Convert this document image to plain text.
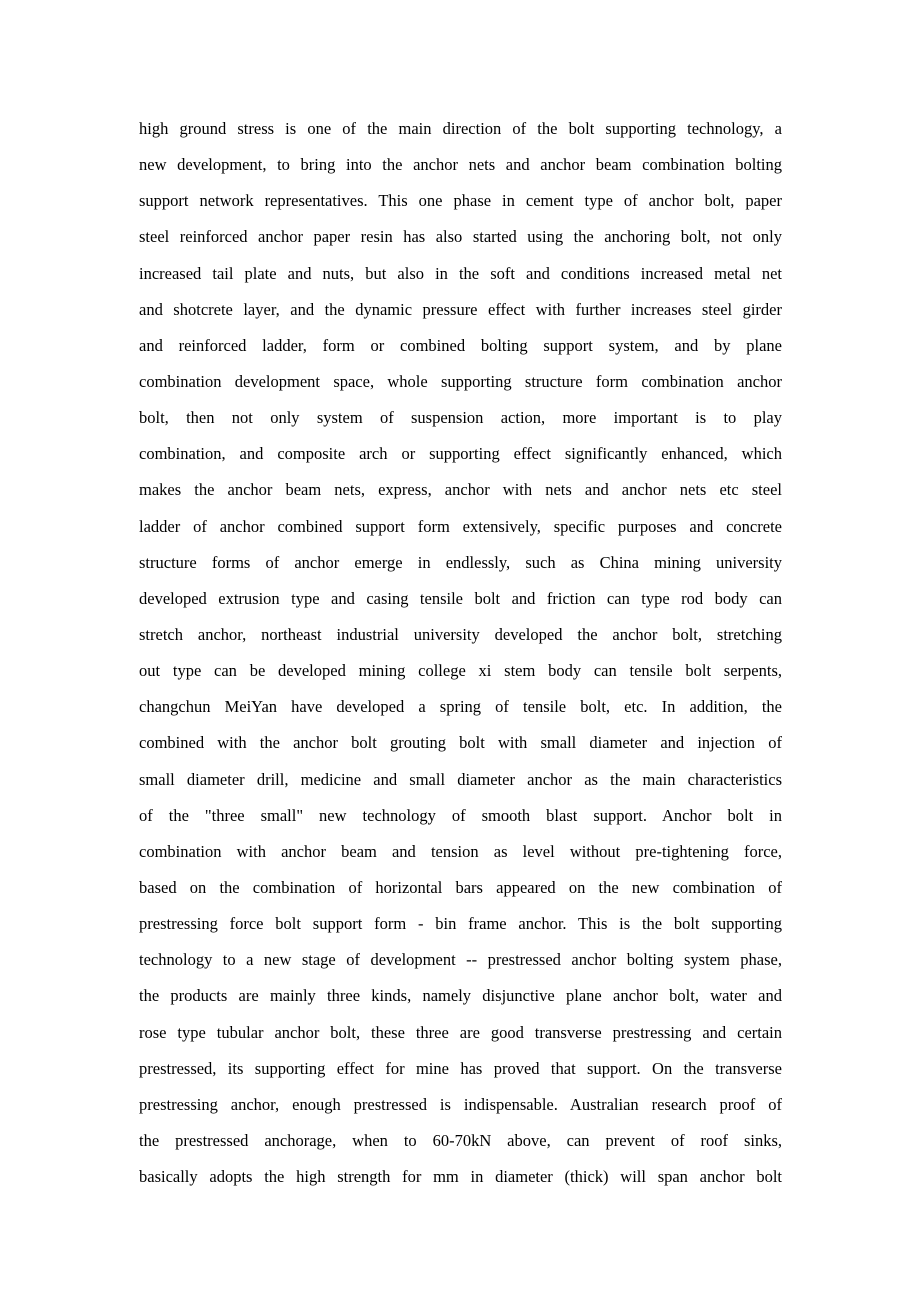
high ground stress is one of the main direction of the bolt supporting technology, a
new development, to bring into the anchor nets and anchor beam combination bolting
support network representatives. This one phase in cement type of anchor bolt, paper
steel reinforced anchor paper resin has also started using the anchoring bolt, not only
increased tail plate and nuts, but also in the soft and conditions increased metal net
and shotcrete layer, and the dynamic pressure effect with further increases steel girder
and reinforced ladder, form or combined bolting support system, and by plane
combination development space, whole supporting structure form combination anchor
bolt, then not only system of suspension action, more important is to play
combination, and composite arch or supporting effect significantly enhanced, which
makes the anchor beam nets, express, anchor with nets and anchor nets etc steel
ladder of anchor combined support form extensively, specific purposes and concrete
structure forms of anchor emerge in endlessly, such as China mining university
developed extrusion type and casing tensile bolt and friction can type rod body can
stretch anchor, northeast industrial university developed the anchor bolt, stretching
out type can be developed mining college xi stem body can tensile bolt serpents,
changchun MeiYan have developed a spring of tensile bolt, etc. In addition, the
combined with the anchor bolt grouting bolt with small diameter and injection of
small diameter drill, medicine and small diameter anchor as the main characteristics
of the "three small" new technology of smooth blast support. Anchor bolt in
combination with anchor beam and tension as level without pre-tightening force,
based on the combination of horizontal bars appeared on the new combination of
prestressing force bolt support form - bin frame anchor. This is the bolt supporting
technology to a new stage of development -- prestressed anchor bolting system phase,
the products are mainly three kinds, namely disjunctive plane anchor bolt, water and
rose type tubular anchor bolt, these three are good transverse prestressing and certain
prestressed, its supporting effect for mine has proved that support. On the transverse
prestressing anchor, enough prestressed is indispensable. Australian research proof of
the prestressed anchorage, when to 60-70kN above, can prevent of roof sinks,
basically adopts the high strength for mm in diameter (thick) will span anchor bolt
